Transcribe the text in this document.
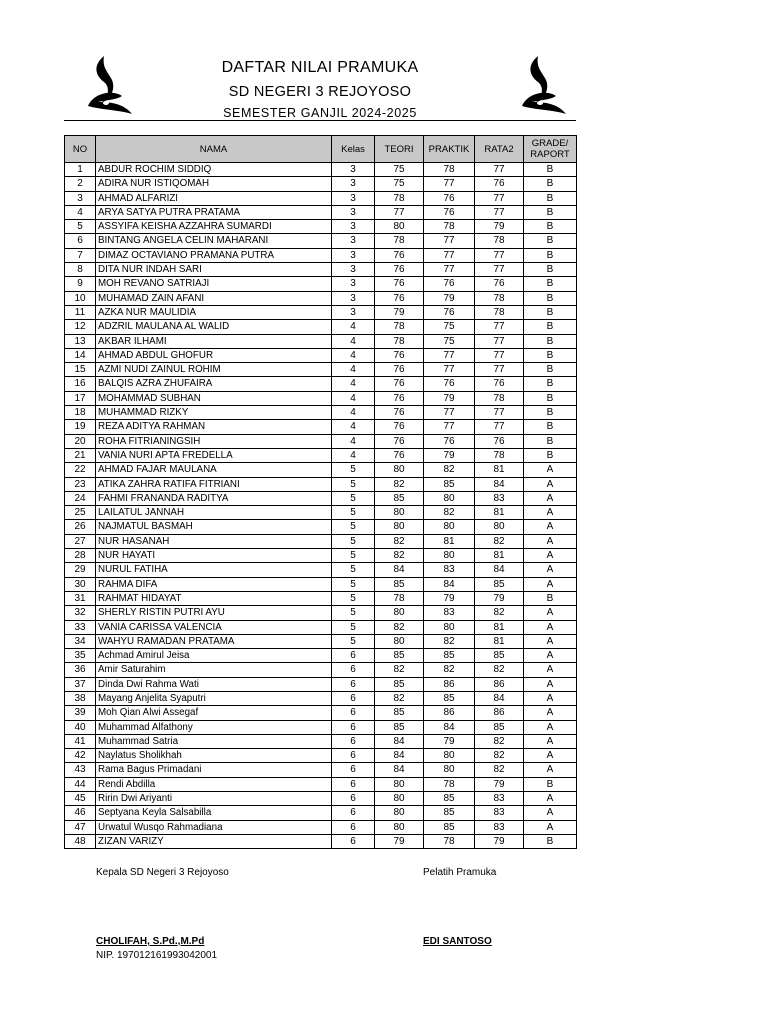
DAFTAR NILAI PRAMUKA
SD NEGERI 3 REJOYOSO
SEMESTER GANJIL 2024-2025
NO	NAMA	Kelas	TEORI	PRAKTIK	RATA2	GRADE/ RAPORT
1	ABDUR ROCHIM SIDDIQ	3	75	78	77	B
2	ADIRA NUR ISTIQOMAH	3	75	77	76	B
3	AHMAD ALFARIZI	3	78	76	77	B
4	ARYA SATYA PUTRA PRATAMA	3	77	76	77	B
5	ASSYIFA KEISHA AZZAHRA SUMARDI	3	80	78	79	B
6	BINTANG ANGELA CELIN MAHARANI	3	78	77	78	B
7	DIMAZ OCTAVIANO PRAMANA PUTRA	3	76	77	77	B
8	DITA NUR INDAH SARI	3	76	77	77	B
9	MOH REVANO SATRIAJI	3	76	76	76	B
10	MUHAMAD ZAIN AFANI	3	76	79	78	B
11	AZKA NUR MAULIDIA	3	79	76	78	B
12	ADZRIL MAULANA AL WALID	4	78	75	77	B
13	AKBAR ILHAMI	4	78	75	77	B
14	AHMAD ABDUL GHOFUR	4	76	77	77	B
15	AZMI NUDI ZAINUL ROHIM	4	76	77	77	B
16	BALQIS AZRA ZHUFAIRA	4	76	76	76	B
17	MOHAMMAD SUBHAN	4	76	79	78	B
18	MUHAMMAD RIZKY	4	76	77	77	B
19	REZA ADITYA RAHMAN	4	76	77	77	B
20	ROHA FITRIANINGSIH	4	76	76	76	B
21	VANIA NURI APTA FREDELLA	4	76	79	78	B
22	AHMAD FAJAR MAULANA	5	80	82	81	A
23	ATIKA ZAHRA RATIFA FITRIANI	5	82	85	84	A
24	FAHMI FRANANDA RADITYA	5	85	80	83	A
25	LAILATUL JANNAH	5	80	82	81	A
26	NAJMATUL BASMAH	5	80	80	80	A
27	NUR HASANAH	5	82	81	82	A
28	NUR HAYATI	5	82	80	81	A
29	NURUL FATIHA	5	84	83	84	A
30	RAHMA DIFA	5	85	84	85	A
31	RAHMAT HIDAYAT	5	78	79	79	B
32	SHERLY RISTIN PUTRI AYU	5	80	83	82	A
33	VANIA CARISSA VALENCIA	5	82	80	81	A
34	WAHYU RAMADAN PRATAMA	5	80	82	81	A
35	Achmad Amirul Jeisa	6	85	85	85	A
36	Amir Saturahim	6	82	82	82	A
37	Dinda Dwi Rahma Wati	6	85	86	86	A
38	Mayang Anjelita Syaputri	6	82	85	84	A
39	Moh Qian Alwi Assegaf	6	85	86	86	A
40	Muhammad Alfathony	6	85	84	85	A
41	Muhammad Satria	6	84	79	82	A
42	Naylatus Sholikhah	6	84	80	82	A
43	Rama Bagus Primadani	6	84	80	82	A
44	Rendi Abdilla	6	80	78	79	B
45	Ririn Dwi Ariyanti	6	80	85	83	A
46	Septyana Keyla Salsabilla	6	80	85	83	A
47	Urwatul Wusqo Rahmadiana	6	80	85	83	A
48	ZIZAN VARIZY	6	79	78	79	B
Kepala SD Negeri 3 Rejoyoso	Pelatih Pramuka
CHOLIFAH, S.Pd.,M.Pd	EDI SANTOSO
NIP. 197012161993042001
